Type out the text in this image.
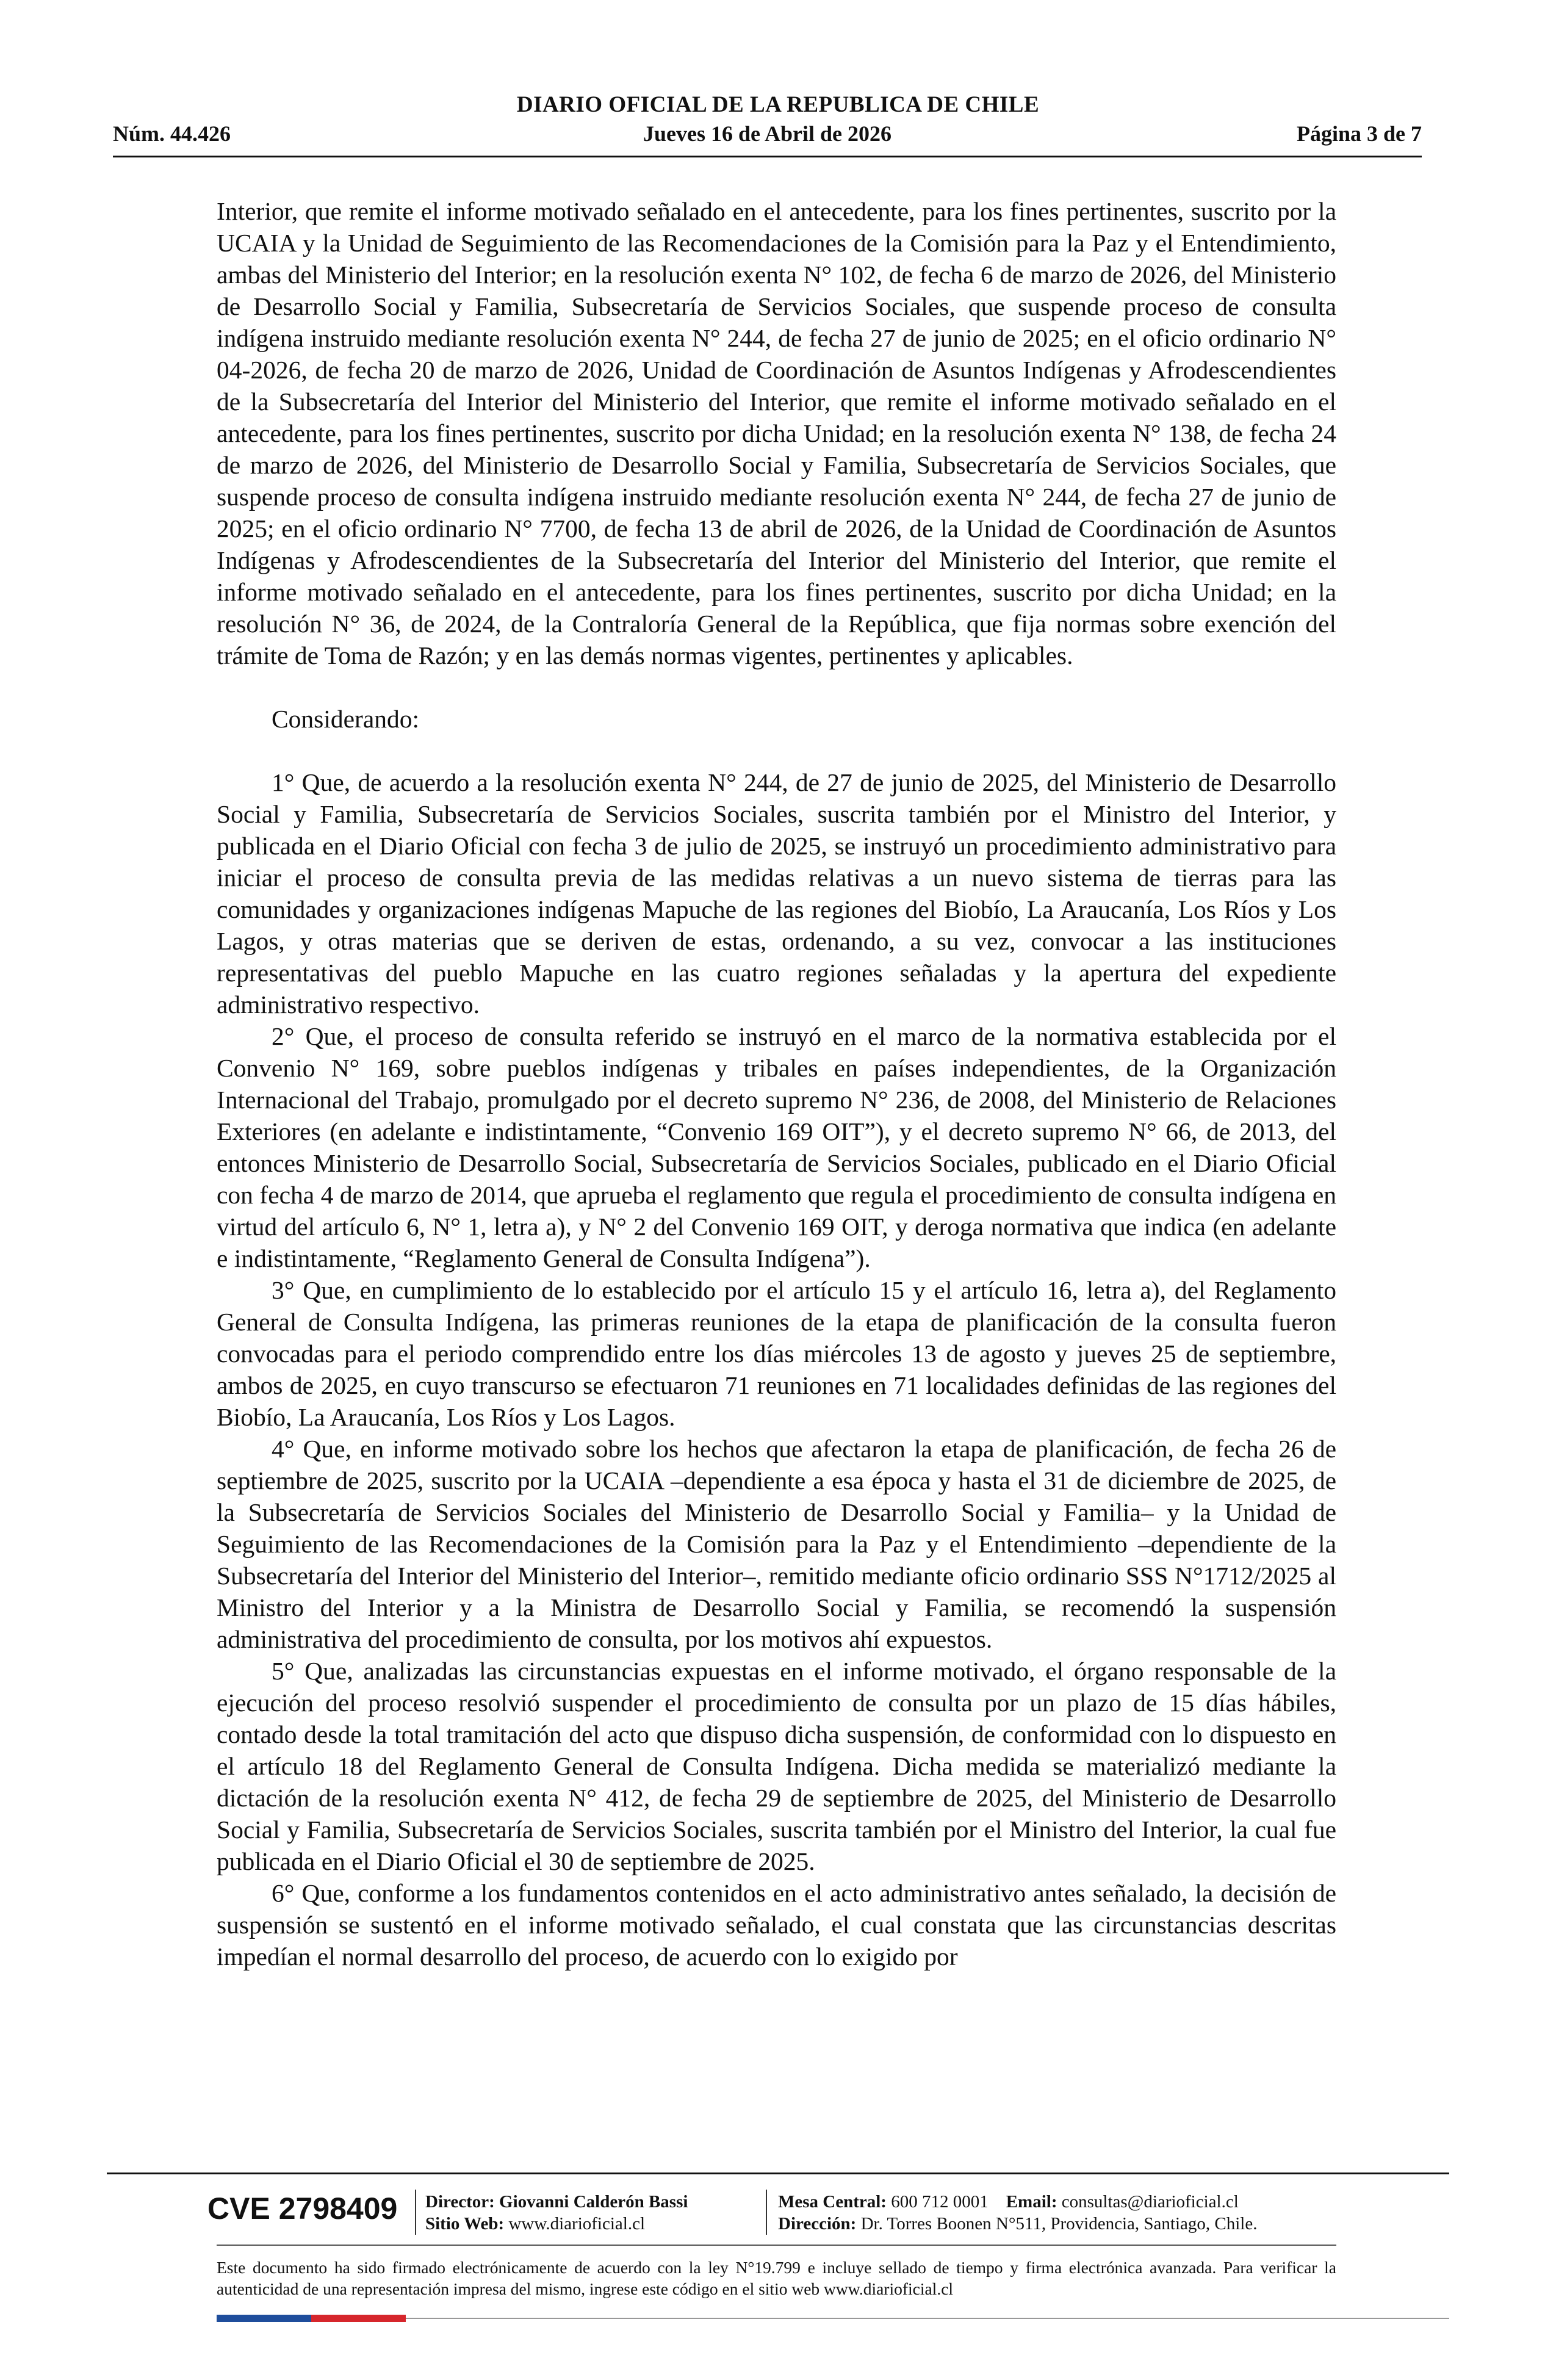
DIARIO OFICIAL DE LA REPUBLICA DE CHILE
Jueves 16 de Abril de 2026
Núm. 44.426	Página 3 de 7

Interior, que remite el informe motivado señalado en el antecedente, para los fines pertinentes, suscrito por la UCAIA y la Unidad de Seguimiento de las Recomendaciones de la Comisión para la Paz y el Entendimiento, ambas del Ministerio del Interior; en la resolución exenta N° 102, de fecha 6 de marzo de 2026, del Ministerio de Desarrollo Social y Familia, Subsecretaría de Servicios Sociales, que suspende proceso de consulta indígena instruido mediante resolución exenta N° 244, de fecha 27 de junio de 2025; en el oficio ordinario N° 04-2026, de fecha 20 de marzo de 2026, Unidad de Coordinación de Asuntos Indígenas y Afrodescendientes de la Subsecretaría del Interior del Ministerio del Interior, que remite el informe motivado señalado en el antecedente, para los fines pertinentes, suscrito por dicha Unidad; en la resolución exenta N° 138, de fecha 24 de marzo de 2026, del Ministerio de Desarrollo Social y Familia, Subsecretaría de Servicios Sociales, que suspende proceso de consulta indígena instruido mediante resolución exenta N° 244, de fecha 27 de junio de 2025; en el oficio ordinario N° 7700, de fecha 13 de abril de 2026, de la Unidad de Coordinación de Asuntos Indígenas y Afrodescendientes de la Subsecretaría del Interior del Ministerio del Interior, que remite el informe motivado señalado en el antecedente, para los fines pertinentes, suscrito por dicha Unidad; en la resolución N° 36, de 2024, de la Contraloría General de la República, que fija normas sobre exención del trámite de Toma de Razón; y en las demás normas vigentes, pertinentes y aplicables.

Considerando:

1° Que, de acuerdo a la resolución exenta N° 244, de 27 de junio de 2025, del Ministerio de Desarrollo Social y Familia, Subsecretaría de Servicios Sociales, suscrita también por el Ministro del Interior, y publicada en el Diario Oficial con fecha 3 de julio de 2025, se instruyó un procedimiento administrativo para iniciar el proceso de consulta previa de las medidas relativas a un nuevo sistema de tierras para las comunidades y organizaciones indígenas Mapuche de las regiones del Biobío, La Araucanía, Los Ríos y Los Lagos, y otras materias que se deriven de estas, ordenando, a su vez, convocar a las instituciones representativas del pueblo Mapuche en las cuatro regiones señaladas y la apertura del expediente administrativo respectivo.

2° Que, el proceso de consulta referido se instruyó en el marco de la normativa establecida por el Convenio N° 169, sobre pueblos indígenas y tribales en países independientes, de la Organización Internacional del Trabajo, promulgado por el decreto supremo N° 236, de 2008, del Ministerio de Relaciones Exteriores (en adelante e indistintamente, “Convenio 169 OIT”), y el decreto supremo N° 66, de 2013, del entonces Ministerio de Desarrollo Social, Subsecretaría de Servicios Sociales, publicado en el Diario Oficial con fecha 4 de marzo de 2014, que aprueba el reglamento que regula el procedimiento de consulta indígena en virtud del artículo 6, N° 1, letra a), y N° 2 del Convenio 169 OIT, y deroga normativa que indica (en adelante e indistintamente, “Reglamento General de Consulta Indígena”).

3° Que, en cumplimiento de lo establecido por el artículo 15 y el artículo 16, letra a), del Reglamento General de Consulta Indígena, las primeras reuniones de la etapa de planificación de la consulta fueron convocadas para el periodo comprendido entre los días miércoles 13 de agosto y jueves 25 de septiembre, ambos de 2025, en cuyo transcurso se efectuaron 71 reuniones en 71 localidades definidas de las regiones del Biobío, La Araucanía, Los Ríos y Los Lagos.

4° Que, en informe motivado sobre los hechos que afectaron la etapa de planificación, de fecha 26 de septiembre de 2025, suscrito por la UCAIA –dependiente a esa época y hasta el 31 de diciembre de 2025, de la Subsecretaría de Servicios Sociales del Ministerio de Desarrollo Social y Familia– y la Unidad de Seguimiento de las Recomendaciones de la Comisión para la Paz y el Entendimiento –dependiente de la Subsecretaría del Interior del Ministerio del Interior–, remitido mediante oficio ordinario SSS N°1712/2025 al Ministro del Interior y a la Ministra de Desarrollo Social y Familia, se recomendó la suspensión administrativa del procedimiento de consulta, por los motivos ahí expuestos.

5° Que, analizadas las circunstancias expuestas en el informe motivado, el órgano responsable de la ejecución del proceso resolvió suspender el procedimiento de consulta por un plazo de 15 días hábiles, contado desde la total tramitación del acto que dispuso dicha suspensión, de conformidad con lo dispuesto en el artículo 18 del Reglamento General de Consulta Indígena. Dicha medida se materializó mediante la dictación de la resolución exenta N° 412, de fecha 29 de septiembre de 2025, del Ministerio de Desarrollo Social y Familia, Subsecretaría de Servicios Sociales, suscrita también por el Ministro del Interior, la cual fue publicada en el Diario Oficial el 30 de septiembre de 2025.

6° Que, conforme a los fundamentos contenidos en el acto administrativo antes señalado, la decisión de suspensión se sustentó en el informe motivado señalado, el cual constata que las circunstancias descritas impedían el normal desarrollo del proceso, de acuerdo con lo exigido por

CVE 2798409 Director: Giovanni Calderón Bassi
Sitio Web: www.diarioficial.cl
Mesa Central: 600 712 0001 Email: consultas@diarioficial.cl
Dirección: Dr. Torres Boonen N°511, Providencia, Santiago, Chile.
Este documento ha sido firmado electrónicamente de acuerdo con la ley N°19.799 e incluye sellado de tiempo y firma electrónica avanzada. Para verificar la autenticidad de una representación impresa del mismo, ingrese este código en el sitio web www.diarioficial.cl
